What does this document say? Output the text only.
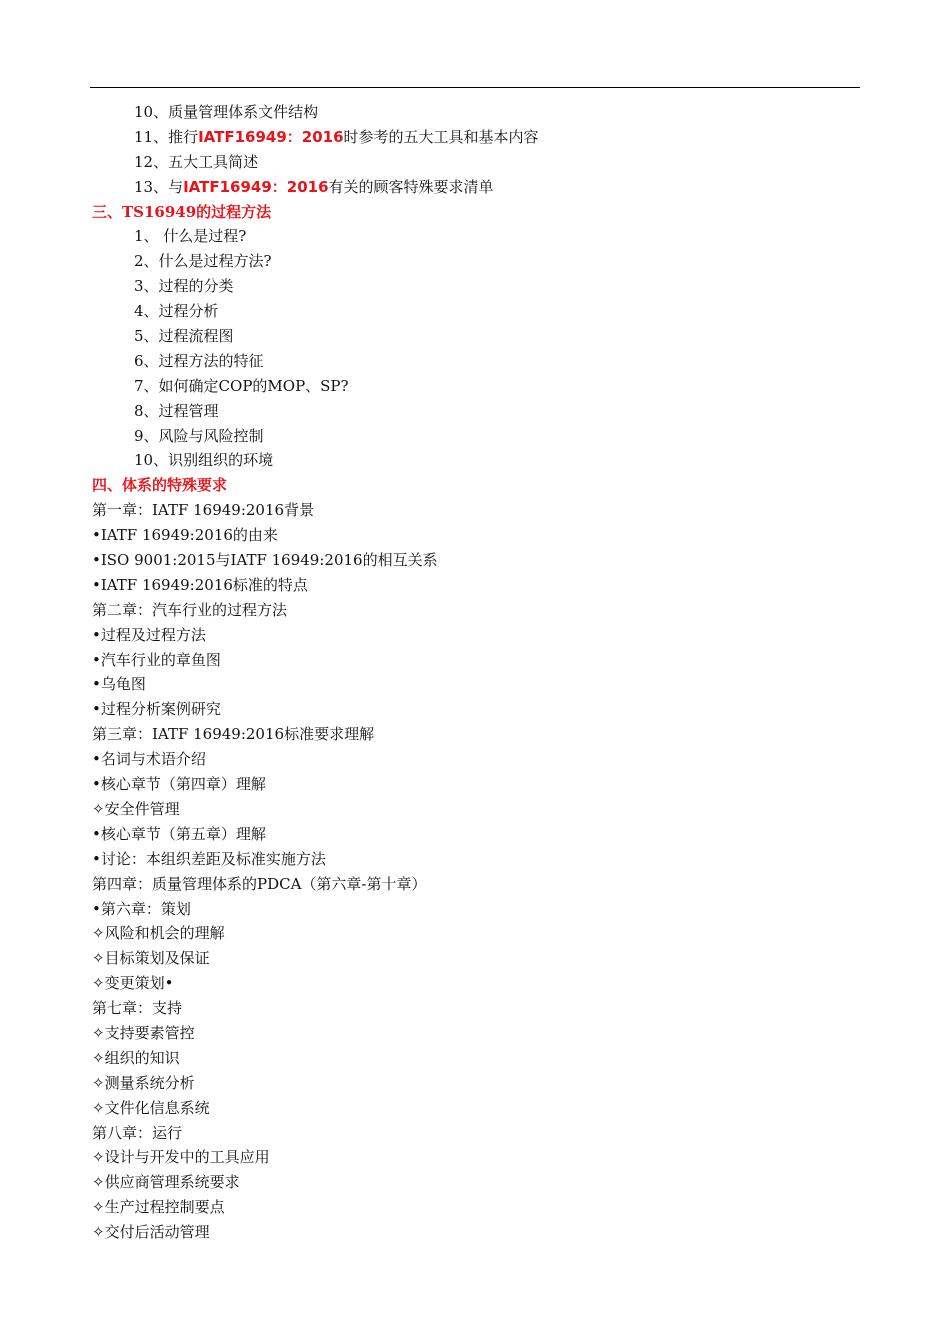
10、质量管理体系文件结构
11、推行IATF16949：2016时参考的五大工具和基本内容
12、五大工具简述
13、与IATF16949：2016有关的顾客特殊要求清单
三、TS16949的过程方法
1、 什么是过程?
2、什么是过程方法?
3、过程的分类
4、过程分析
5、过程流程图
6、过程方法的特征
7、如何确定COP的MOP、SP?
8、过程管理
9、风险与风险控制
10、识别组织的环境
四、体系的特殊要求
第一章：IATF 16949:2016背景
•IATF 16949:2016的由来
•ISO 9001:2015与IATF 16949:2016的相互关系
•IATF 16949:2016标准的特点
第二章：汽车行业的过程方法
•过程及过程方法
•汽车行业的章鱼图
•乌龟图
•过程分析案例研究
第三章：IATF 16949:2016标准要求理解
•名词与术语介绍
•核心章节（第四章）理解
✧安全件管理
•核心章节（第五章）理解
•讨论：本组织差距及标准实施方法
第四章：质量管理体系的PDCA（第六章-第十章）
•第六章：策划
✧风险和机会的理解
✧目标策划及保证
✧变更策划•
第七章：支持
✧支持要素管控
✧组织的知识
✧测量系统分析
✧文件化信息系统
第八章：运行
✧设计与开发中的工具应用
✧供应商管理系统要求
✧生产过程控制要点
✧交付后活动管理
